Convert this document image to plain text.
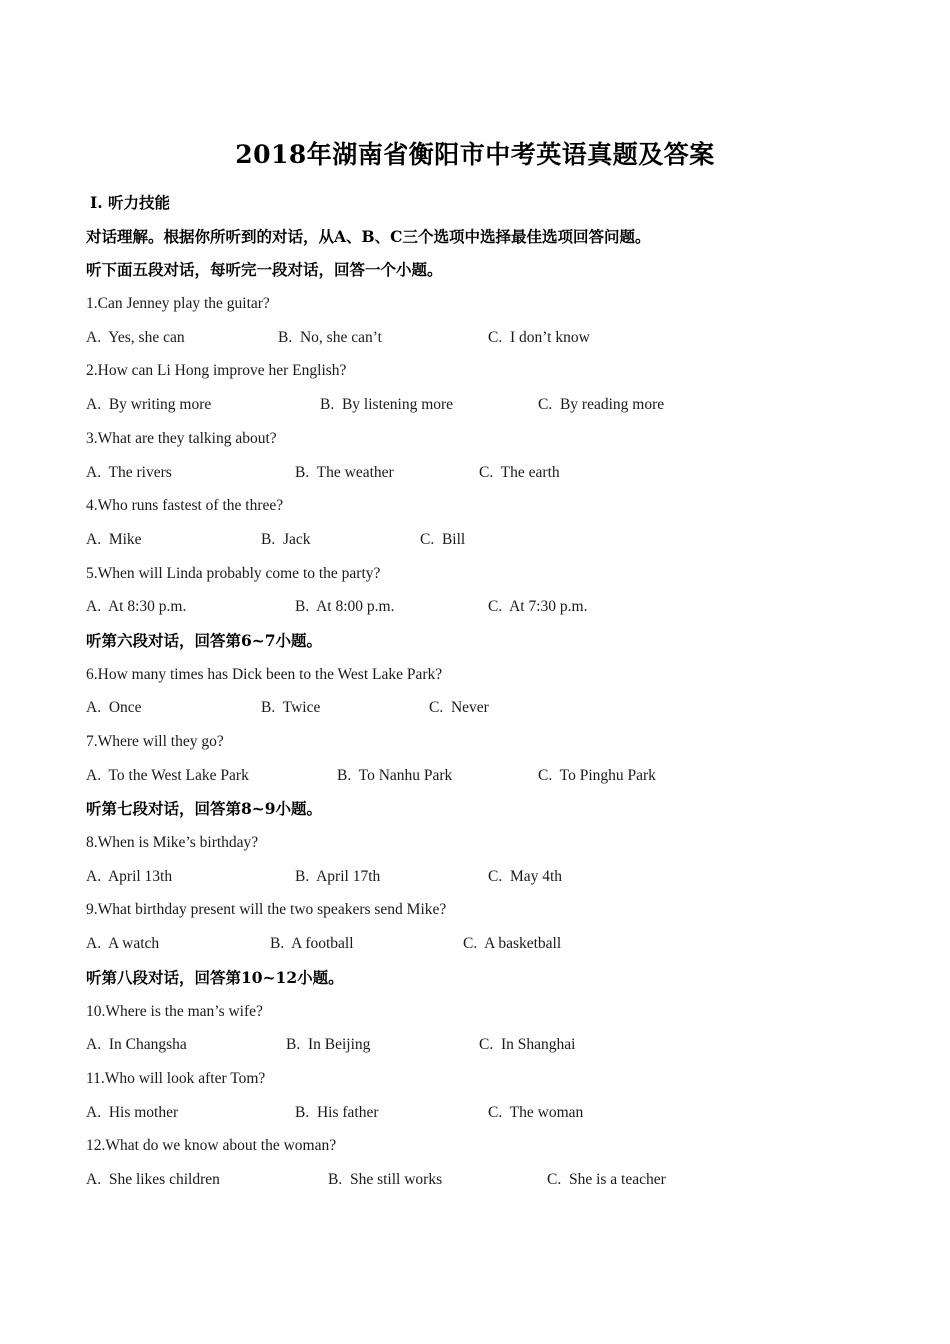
2018年湖南省衡阳市中考英语真题及答案
Ⅰ. 听力技能
对话理解。根据你所听到的对话，从A、B、C三个选项中选择最佳选项回答问题。
听下面五段对话，每听完一段对话，回答一个小题。
1.Can Jenney play the guitar?

A.  Yes, she can

	B.  No, she can’t

	C.  I don’t know

2.How can Li Hong improve her English?

A.  By writing more

	B.  By listening more

	C.  By reading more

3.What are they talking about?

A.  The rivers

	B.  The weather

	C.  The earth

4.Who runs fastest of the three?

A.  Mike

	B.  Jack

	C.  Bill

5.When will Linda probably come to the party?

A.  At 8:30 p.m.

	B.  At 8:00 p.m.

	C.  At 7:30 p.m.

听第六段对话，回答第6~7小题。
6.How many times has Dick been to the West Lake Park?

A.  Once

	B.  Twice

	C.  Never

7.Where will they go?

A.  To the West Lake Park

	B.  To Nanhu Park

	C.  To Pinghu Park

听第七段对话，回答第8~9小题。
8.When is Mike’s birthday?

A.  April 13th

	B.  April 17th

	C.  May 4th

9.What birthday present will the two speakers send Mike?

A.  A watch

	B.  A football

	C.  A basketball

听第八段对话，回答第10~12小题。
10.Where is the man’s wife?

A.  In Changsha

	B.  In Beijing

	C.  In Shanghai

11.Who will look after Tom?

A.  His mother

	B.  His father

	C.  The woman

12.What do we know about the woman?

A.  She likes children

	B.  She still works

	C.  She is a teacher
